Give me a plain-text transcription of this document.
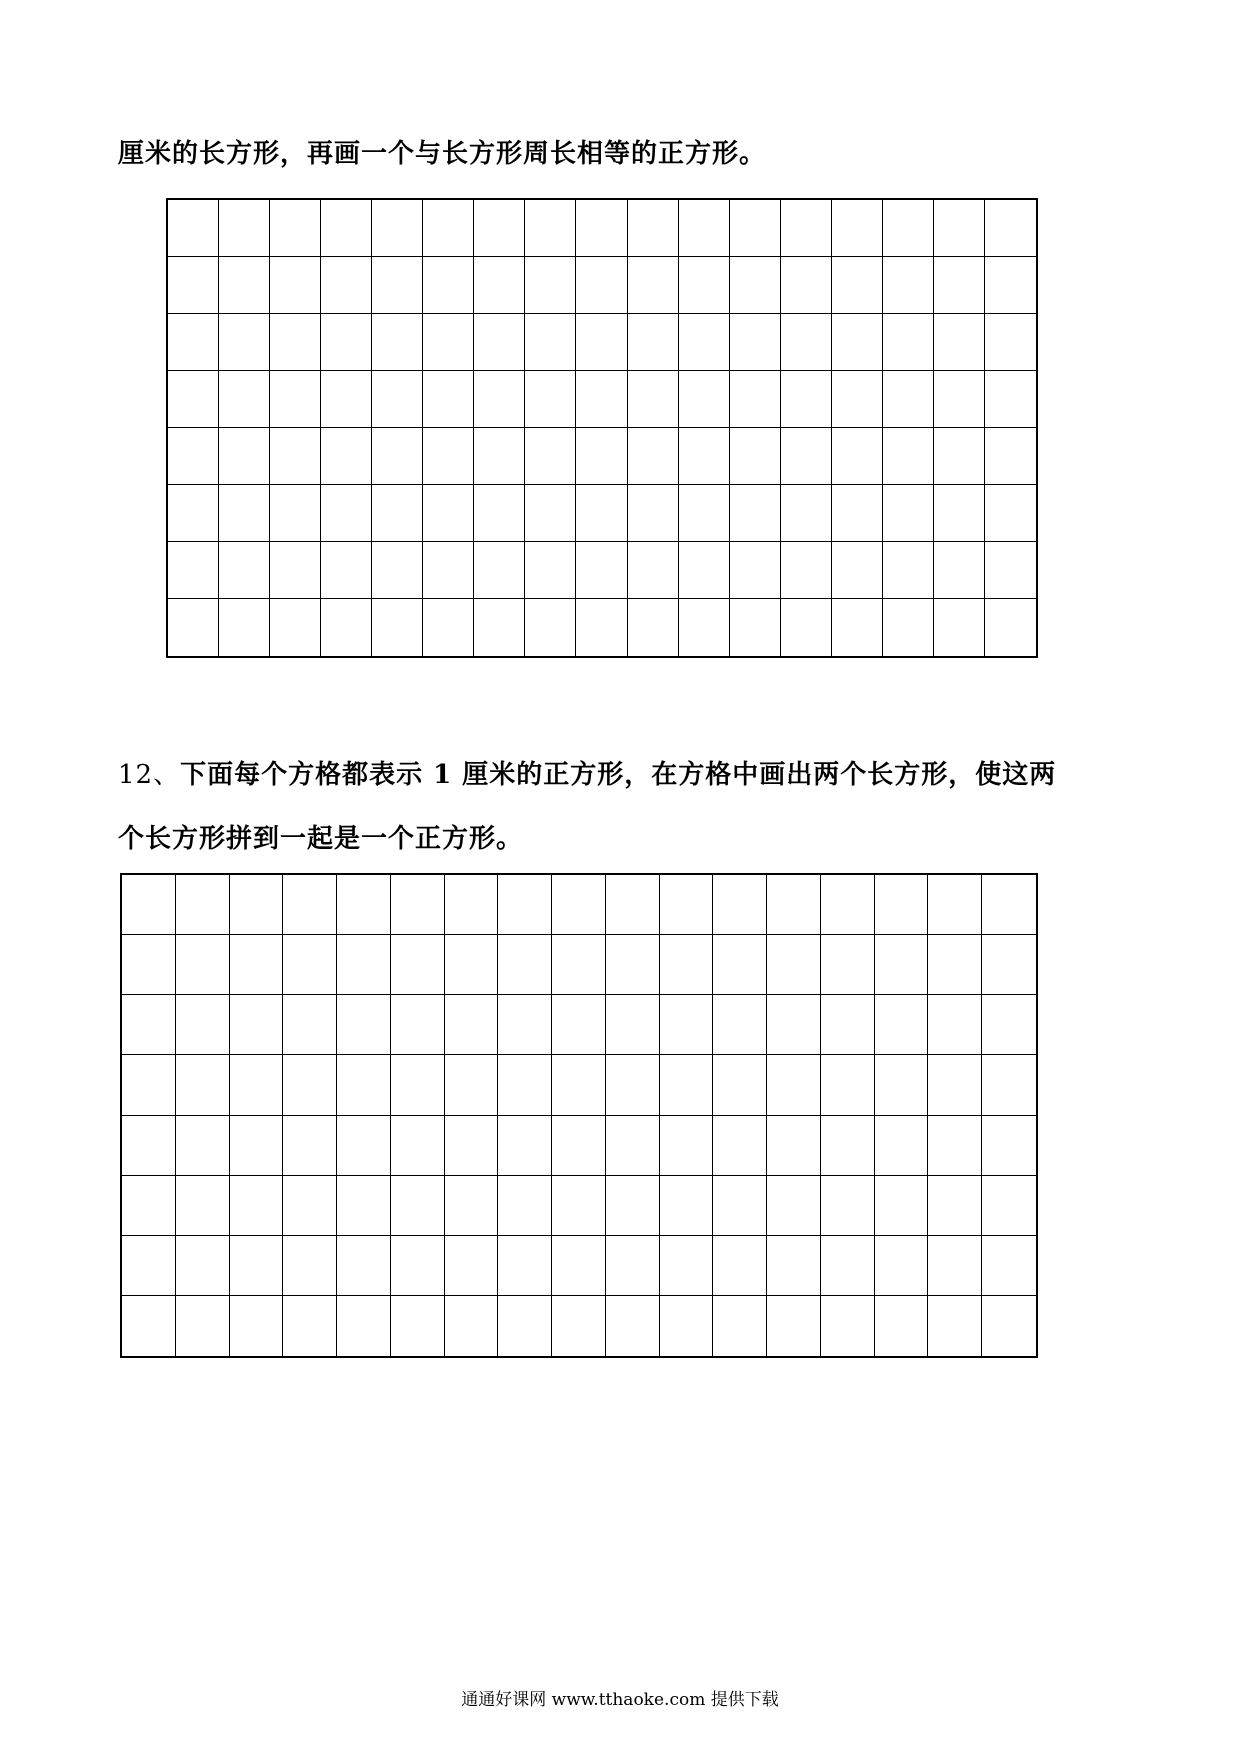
厘米的长方形，再画一个与长方形周长相等的正方形。
12、下面每个方格都表示 1 厘米的正方形，在方格中画出两个长方形，使这两
个长方形拼到一起是一个正方形。
通通好课网 www.tthaoke.com 提供下载
